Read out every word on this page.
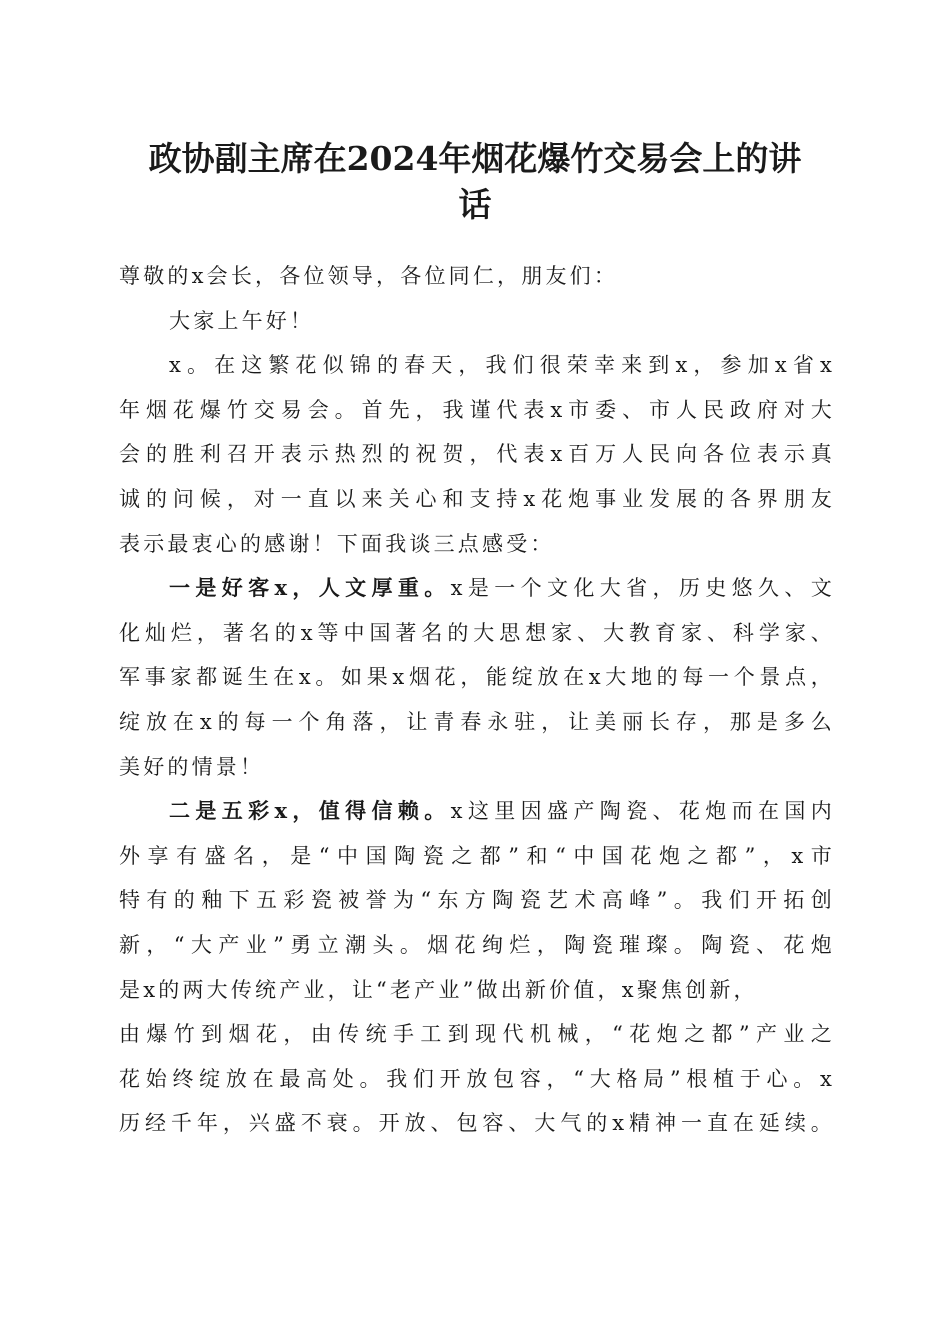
政协副主席在2024年烟花爆竹交易会上的讲
话
尊敬的x会长，各位领导，各位同仁，朋友们：
大家上午好！
x。在这繁花似锦的春天，我们很荣幸来到x，参加x省x
年烟花爆竹交易会。首先，我谨代表x市委、市人民政府对大
会的胜利召开表示热烈的祝贺，代表x百万人民向各位表示真
诚的问候，对一直以来关心和支持x花炮事业发展的各界朋友
表示最衷心的感谢！下面我谈三点感受：
一是好客x，人文厚重。x是一个文化大省，历史悠久、文
化灿烂，著名的x等中国著名的大思想家、大教育家、科学家、
军事家都诞生在x。如果x烟花，能绽放在x大地的每一个景点，
绽放在x的每一个角落，让青春永驻，让美丽长存，那是多么
美好的情景！
二是五彩x，值得信赖。x这里因盛产陶瓷、花炮而在国内
外享有盛名，是“中国陶瓷之都”和“中国花炮之都”，x市
特有的釉下五彩瓷被誉为“东方陶瓷艺术高峰”。我们开拓创
新，“大产业”勇立潮头。烟花绚烂，陶瓷璀璨。陶瓷、花炮
是x的两大传统产业，让“老产业”做出新价值，x聚焦创新，
由爆竹到烟花，由传统手工到现代机械，“花炮之都”产业之
花始终绽放在最高处。我们开放包容，“大格局”根植于心。x
历经千年，兴盛不衰。开放、包容、大气的x精神一直在延续。
